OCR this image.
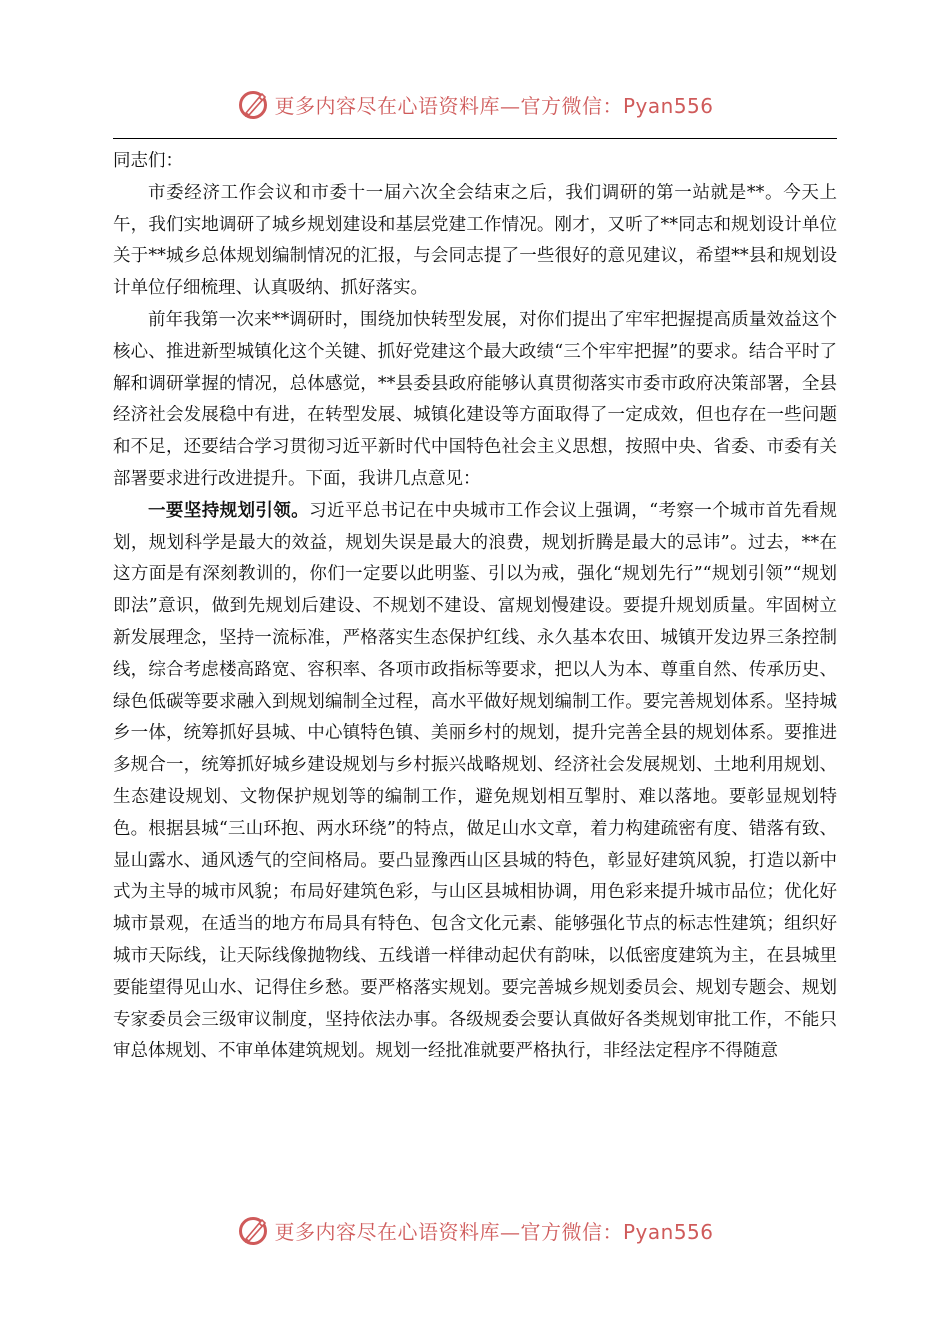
更多内容尽在心语资料库—官方微信：Pyan556

同志们：

市委经济工作会议和市委十一届六次全会结束之后，我们调研的第一站就是**。今天上午，我们实地调研了城乡规划建设和基层党建工作情况。刚才，又听了**同志和规划设计单位关于**城乡总体规划编制情况的汇报，与会同志提了一些很好的意见建议，希望**县和规划设计单位仔细梳理、认真吸纳、抓好落实。

前年我第一次来**调研时，围绕加快转型发展，对你们提出了牢牢把握提高质量效益这个核心、推进新型城镇化这个关键、抓好党建这个最大政绩“三个牢牢把握”的要求。结合平时了解和调研掌握的情况，总体感觉，**县委县政府能够认真贯彻落实市委市政府决策部署，全县经济社会发展稳中有进，在转型发展、城镇化建设等方面取得了一定成效，但也存在一些问题和不足，还要结合学习贯彻习近平新时代中国特色社会主义思想，按照中央、省委、市委有关部署要求进行改进提升。下面，我讲几点意见：

一要坚持规划引领。习近平总书记在中央城市工作会议上强调，“考察一个城市首先看规划，规划科学是最大的效益，规划失误是最大的浪费，规划折腾是最大的忌讳”。过去，**在这方面是有深刻教训的，你们一定要以此明鉴、引以为戒，强化“规划先行”“规划引领”“规划即法”意识，做到先规划后建设、不规划不建设、富规划慢建设。要提升规划质量。牢固树立新发展理念，坚持一流标准，严格落实生态保护红线、永久基本农田、城镇开发边界三条控制线，综合考虑楼高路宽、容积率、各项市政指标等要求，把以人为本、尊重自然、传承历史、绿色低碳等要求融入到规划编制全过程，高水平做好规划编制工作。要完善规划体系。坚持城乡一体，统筹抓好县城、中心镇特色镇、美丽乡村的规划，提升完善全县的规划体系。要推进多规合一，统筹抓好城乡建设规划与乡村振兴战略规划、经济社会发展规划、土地利用规划、生态建设规划、文物保护规划等的编制工作，避免规划相互掣肘、难以落地。要彰显规划特色。根据县城“三山环抱、两水环绕”的特点，做足山水文章，着力构建疏密有度、错落有致、显山露水、通风透气的空间格局。要凸显豫西山区县城的特色，彰显好建筑风貌，打造以新中式为主导的城市风貌；布局好建筑色彩，与山区县城相协调，用色彩来提升城市品位；优化好城市景观，在适当的地方布局具有特色、包含文化元素、能够强化节点的标志性建筑；组织好城市天际线，让天际线像抛物线、五线谱一样律动起伏有韵味，以低密度建筑为主，在县城里要能望得见山水、记得住乡愁。要严格落实规划。要完善城乡规划委员会、规划专题会、规划专家委员会三级审议制度，坚持依法办事。各级规委会要认真做好各类规划审批工作，不能只审总体规划、不审单体建筑规划。规划一经批准就要严格执行，非经法定程序不得随意

更多内容尽在心语资料库—官方微信：Pyan556
